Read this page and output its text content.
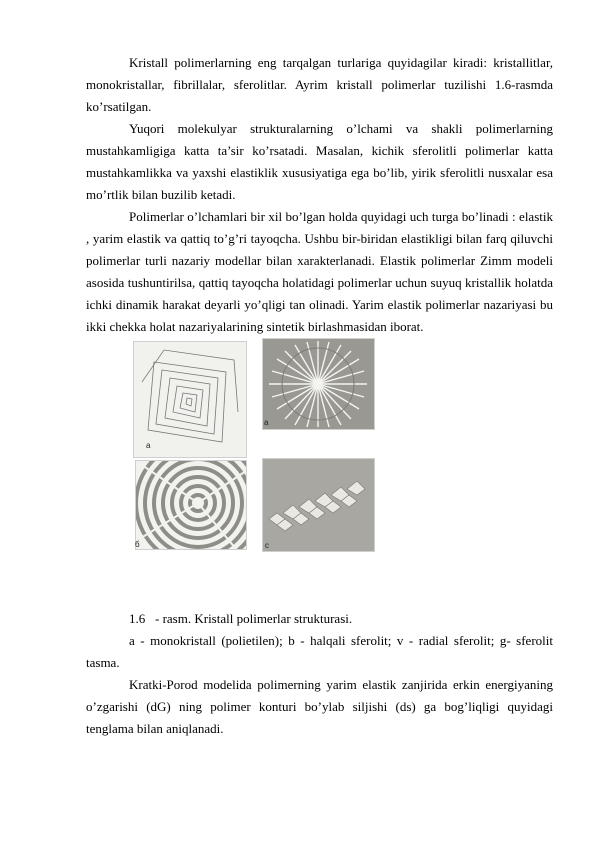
Kristall polimerlarning eng tarqalgan turlariga quyidagilar kiradi: kristallitlar, monokristallar, fibrillalar, sferolitlar. Ayrim kristall polimerlar tuzilishi 1.6-rasmda ko’rsatilgan.

Yuqori molekulyar strukturalarning o’lchami va shakli polimerlarning mustahkamligiga katta ta’sir ko’rsatadi. Masalan, kichik sferolitli polimerlar katta mustahkamlikka va yaxshi elastiklik xususiyatiga ega bo’lib, yirik sferolitli nusxalar esa mo’rtlik bilan buzilib ketadi.

Polimerlar o’lchamlari bir xil bo’lgan holda quyidagi uch turga bo’linadi : elastik , yarim elastik va qattiq to’g’ri tayoqcha. Ushbu bir-biridan elastikligi bilan farq qiluvchi polimerlar turli nazariy modellar bilan xarakterlanadi. Elastik polimerlar Zimm modeli asosida tushuntirilsa, qattiq tayoqcha holatidagi polimerlar uchun suyuq kristallik holatda ichki dinamik harakat deyarli yo’qligi tan olinadi. Yarim elastik polimerlar nazariyasi bu ikki chekka holat nazariyalarining sintetik birlashmasidan iborat.

a
a
б	c

1.6 - rasm. Kristall polimerlar strukturasi.

a - monokristall (polietilen); b - halqali sferolit; v - radial sferolit; g- sferolit tasma.

Kratki-Porod modelida polimerning yarim elastik zanjirida erkin energiyaning o’zgarishi (dG) ning polimer konturi bo’ylab siljishi (ds) ga bog’liqligi quyidagi tenglama bilan aniqlanadi.
